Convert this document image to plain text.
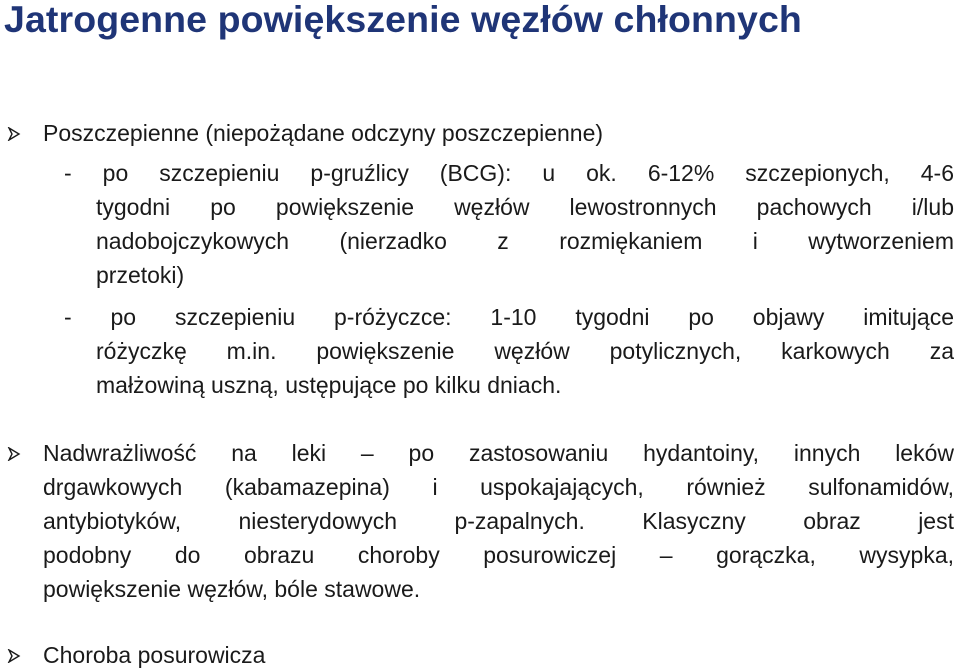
Jatrogenne powiększenie węzłów chłonnych
Poszczepienne (niepożądane odczyny poszczepienne)
- po szczepieniu p-gruźlicy (BCG): u ok. 6-12% szczepionych, 4-6
tygodni po powiększenie węzłów lewostronnych pachowych i/lub
nadobojczykowych (nierzadko z rozmiękaniem i wytworzeniem
przetoki)
- po szczepieniu p-różyczce: 1-10 tygodni po objawy imitujące
różyczkę m.in. powiększenie węzłów potylicznych, karkowych za
małżowiną uszną, ustępujące po kilku dniach.
Nadwrażliwość na leki – po zastosowaniu hydantoiny, innych leków
drgawkowych (kabamazepina) i uspokajających, również sulfonamidów,
antybiotyków, niesterydowych p-zapalnych. Klasyczny obraz jest
podobny do obrazu choroby posurowiczej – gorączka, wysypka,
powiększenie węzłów, bóle stawowe.
Choroba posurowicza
